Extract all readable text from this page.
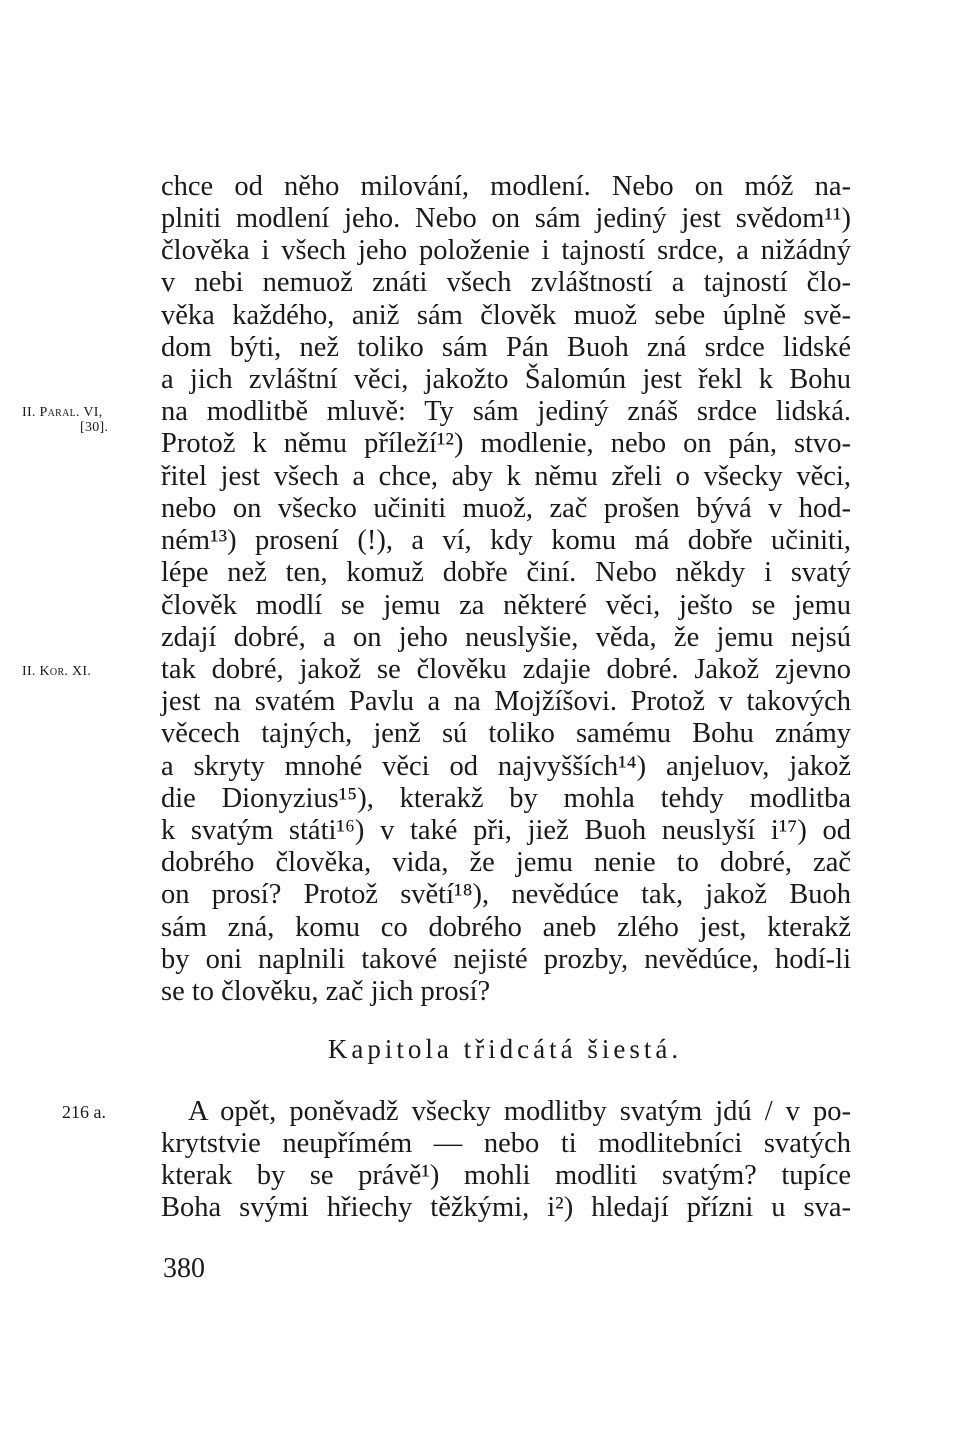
chce od něho milování, modlení. Nebo on móž na-
plniti modlení jeho. Nebo on sám jediný jest svědom¹¹)
člověka i všech jeho položenie i tajností srdce, a nižádný
v nebi nemuož znáti všech zvláštností a tajností člo-
věka každého, aniž sám člověk muož sebe úplně svě-
dom býti, než toliko sám Pán Buoh zná srdce lidské
a jich zvláštní věci, jakožto Šalomún jest řekl k Bohu
na modlitbě mluvě: Ty sám jediný znáš srdce lidská.
Protož k němu příleží¹²) modlenie, nebo on pán, stvo-
řitel jest všech a chce, aby k němu zřeli o všecky věci,
nebo on všecko učiniti muož, zač prošen bývá v hod-
ném¹³) prosení (!), a ví, kdy komu má dobře učiniti,
lépe než ten, komuž dobře činí. Nebo někdy i svatý
člověk modlí se jemu za některé věci, ješto se jemu
zdají dobré, a on jeho neuslyšie, věda, že jemu nejsú
tak dobré, jakož se člověku zdajie dobré. Jakož zjevno
jest na svatém Pavlu a na Mojžíšovi. Protož v takových
věcech tajných, jenž sú toliko samému Bohu známy
a skryty mnohé věci od najvyšších¹⁴) anjeluov, jakož
die Dionyzius¹⁵), kterakž by mohla tehdy modlitba
k svatým státi¹⁶) v také při, jiež Buoh neuslyší i¹⁷) od
dobrého člověka, vida, že jemu nenie to dobré, zač
on prosí? Protož světí¹⁸), nevědúce tak, jakož Buoh
sám zná, komu co dobrého aneb zlého jest, kterakž
by oni naplnili takové nejisté prozby, nevědúce, hodí-li
se to člověku, zač jich prosí?
II. Paral. VI,
[30].
II. Kor. XI.
Kapitola třidcátá šiestá.
216 a.	A opět, poněvadž všecky modlitby svatým jdú / v po-
krytstvie neupřímém — nebo ti modlitebníci svatých
kterak by se právě¹) mohli modliti svatým? tupíce
Boha svými hřiechy těžkými, i²) hledají přízni u sva-
380
